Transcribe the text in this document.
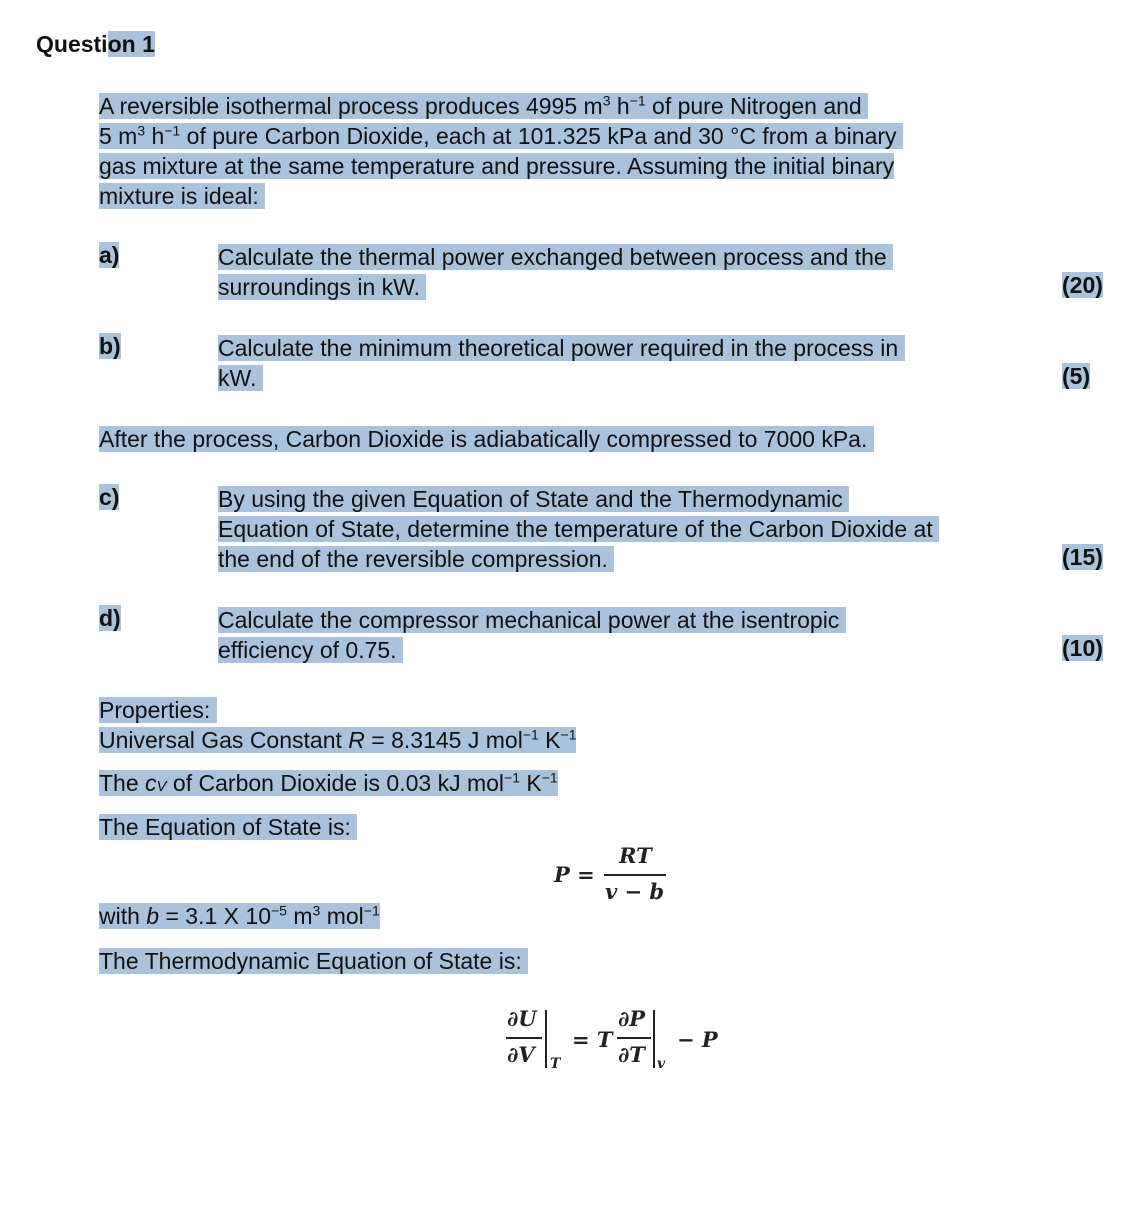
Question 1
A reversible isothermal process produces 4995 $m^3$ $h^{-1}$ of pure Nitrogen and
5 $m^3$ $h^{-1}$ of pure Carbon Dioxide, each at 101.325 kPa and 30 °C from a binary
gas mixture at the same temperature and pressure. Assuming the initial binary
mixture is ideal:
a)	Calculate the thermal power exchanged between process and the
surroundings in kW.	(20)
b)	Calculate the minimum theoretical power required in the process in
kW.	(5)
After the process, Carbon Dioxide is adiabatically compressed to 7000 kPa.
c)	By using the given Equation of State and the Thermodynamic
Equation of State, determine the temperature of the Carbon Dioxide at
the end of the reversible compression.	(15)
d)	Calculate the compressor mechanical power at the isentropic
efficiency of 0.75.	(10)
Properties:
Universal Gas Constant R = 8.3145 J mol$^{-1}$ $K^{-1}$
The cV of Carbon Dioxide is 0.03 kJ mol$^{-1}$ $K^{-1}$
The Equation of State is:
P =
RT
v − b
with b = 3.1 X $10^{-5}$ $m^3$ mol$^{-1}$
The Thermodynamic Equation of State is:
∂U
∂V T
= T
∂P
∂T v
− P
